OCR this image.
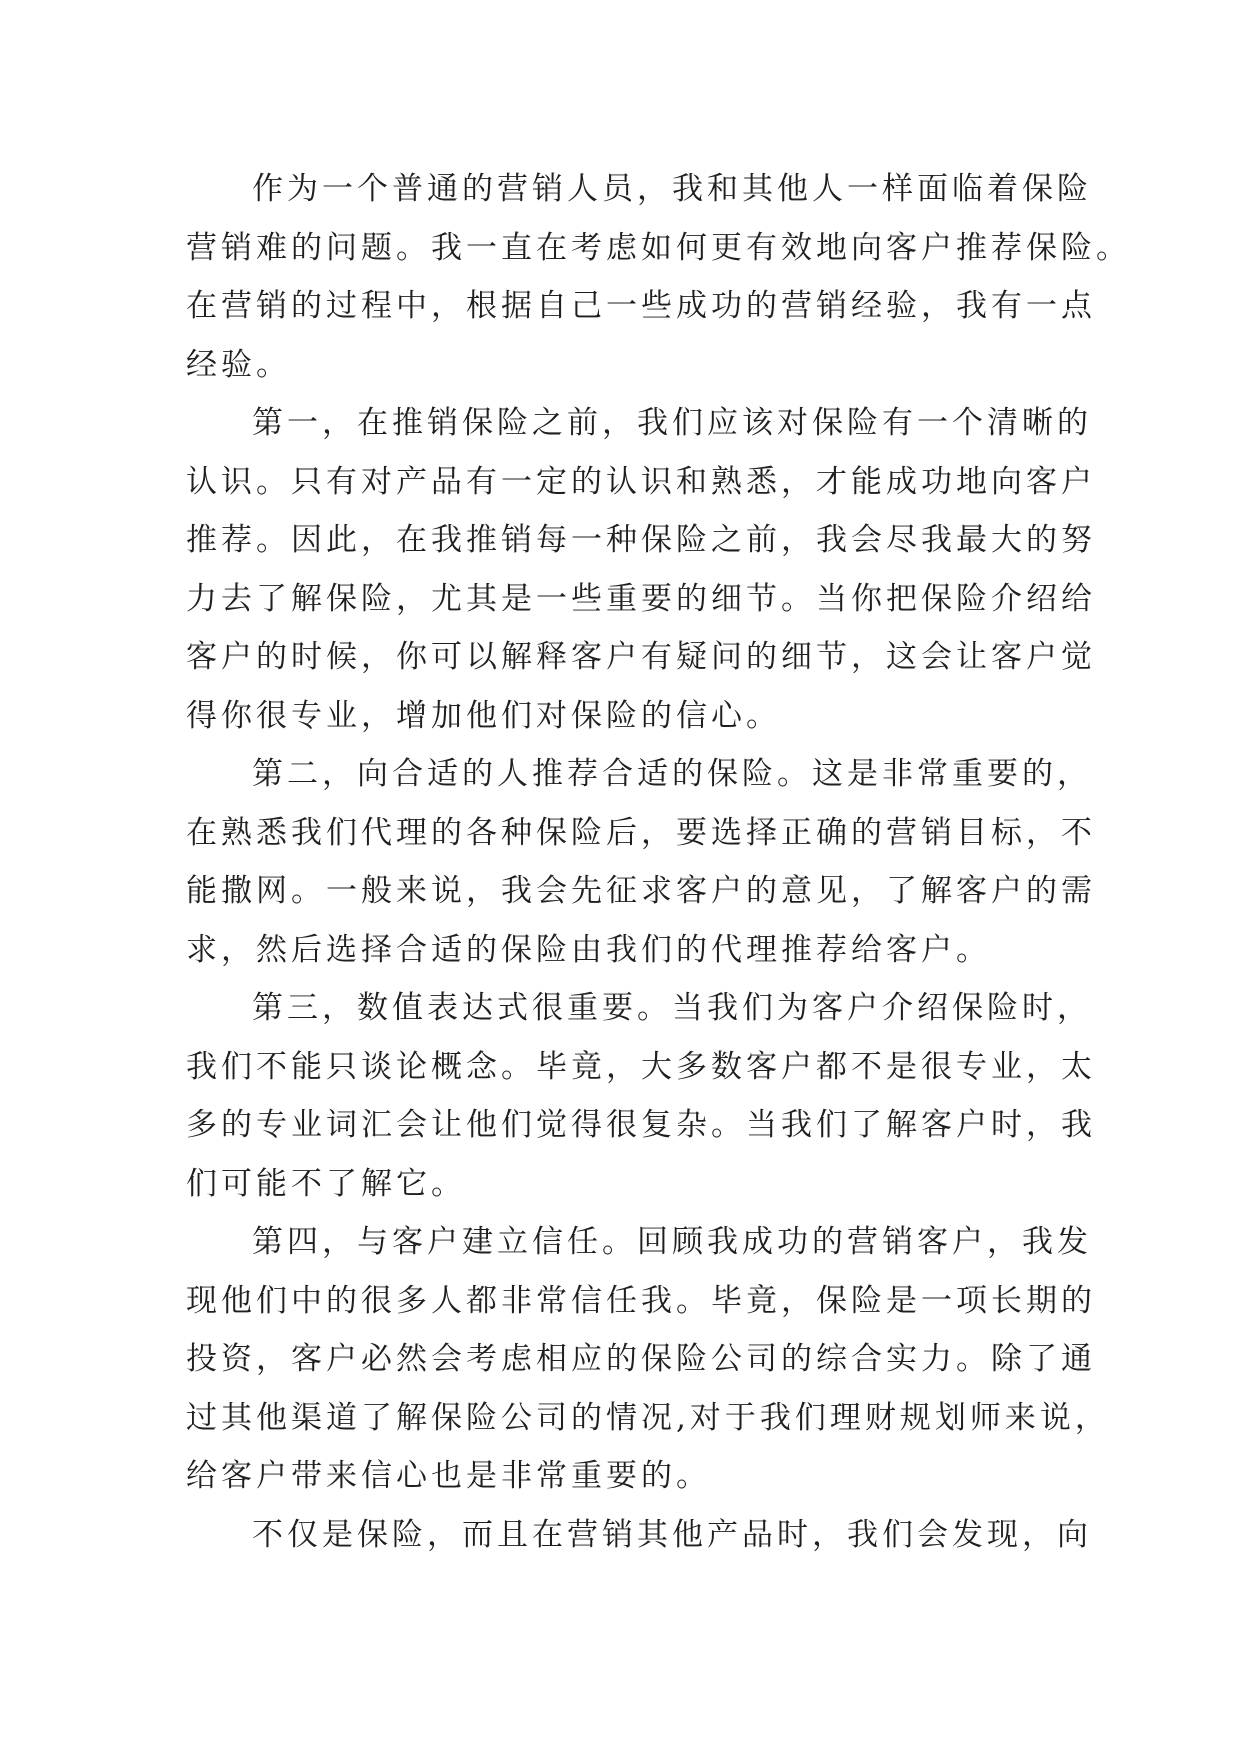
作为一个普通的营销人员，我和其他人一样面临着保险
营销难的问题。我一直在考虑如何更有效地向客户推荐保险。
在营销的过程中，根据自己一些成功的营销经验，我有一点
经验。
第一，在推销保险之前，我们应该对保险有一个清晰的
认识。只有对产品有一定的认识和熟悉，才能成功地向客户
推荐。因此，在我推销每一种保险之前，我会尽我最大的努
力去了解保险，尤其是一些重要的细节。当你把保险介绍给
客户的时候，你可以解释客户有疑问的细节，这会让客户觉
得你很专业，增加他们对保险的信心。
第二，向合适的人推荐合适的保险。这是非常重要的，
在熟悉我们代理的各种保险后，要选择正确的营销目标，不
能撒网。一般来说，我会先征求客户的意见，了解客户的需
求，然后选择合适的保险由我们的代理推荐给客户。
第三，数值表达式很重要。当我们为客户介绍保险时，
我们不能只谈论概念。毕竟，大多数客户都不是很专业，太
多的专业词汇会让他们觉得很复杂。当我们了解客户时，我
们可能不了解它。
第四，与客户建立信任。回顾我成功的营销客户，我发
现他们中的很多人都非常信任我。毕竟，保险是一项长期的
投资，客户必然会考虑相应的保险公司的综合实力。除了通
过其他渠道了解保险公司的情况,对于我们理财规划师来说，
给客户带来信心也是非常重要的。
不仅是保险，而且在营销其他产品时，我们会发现，向
